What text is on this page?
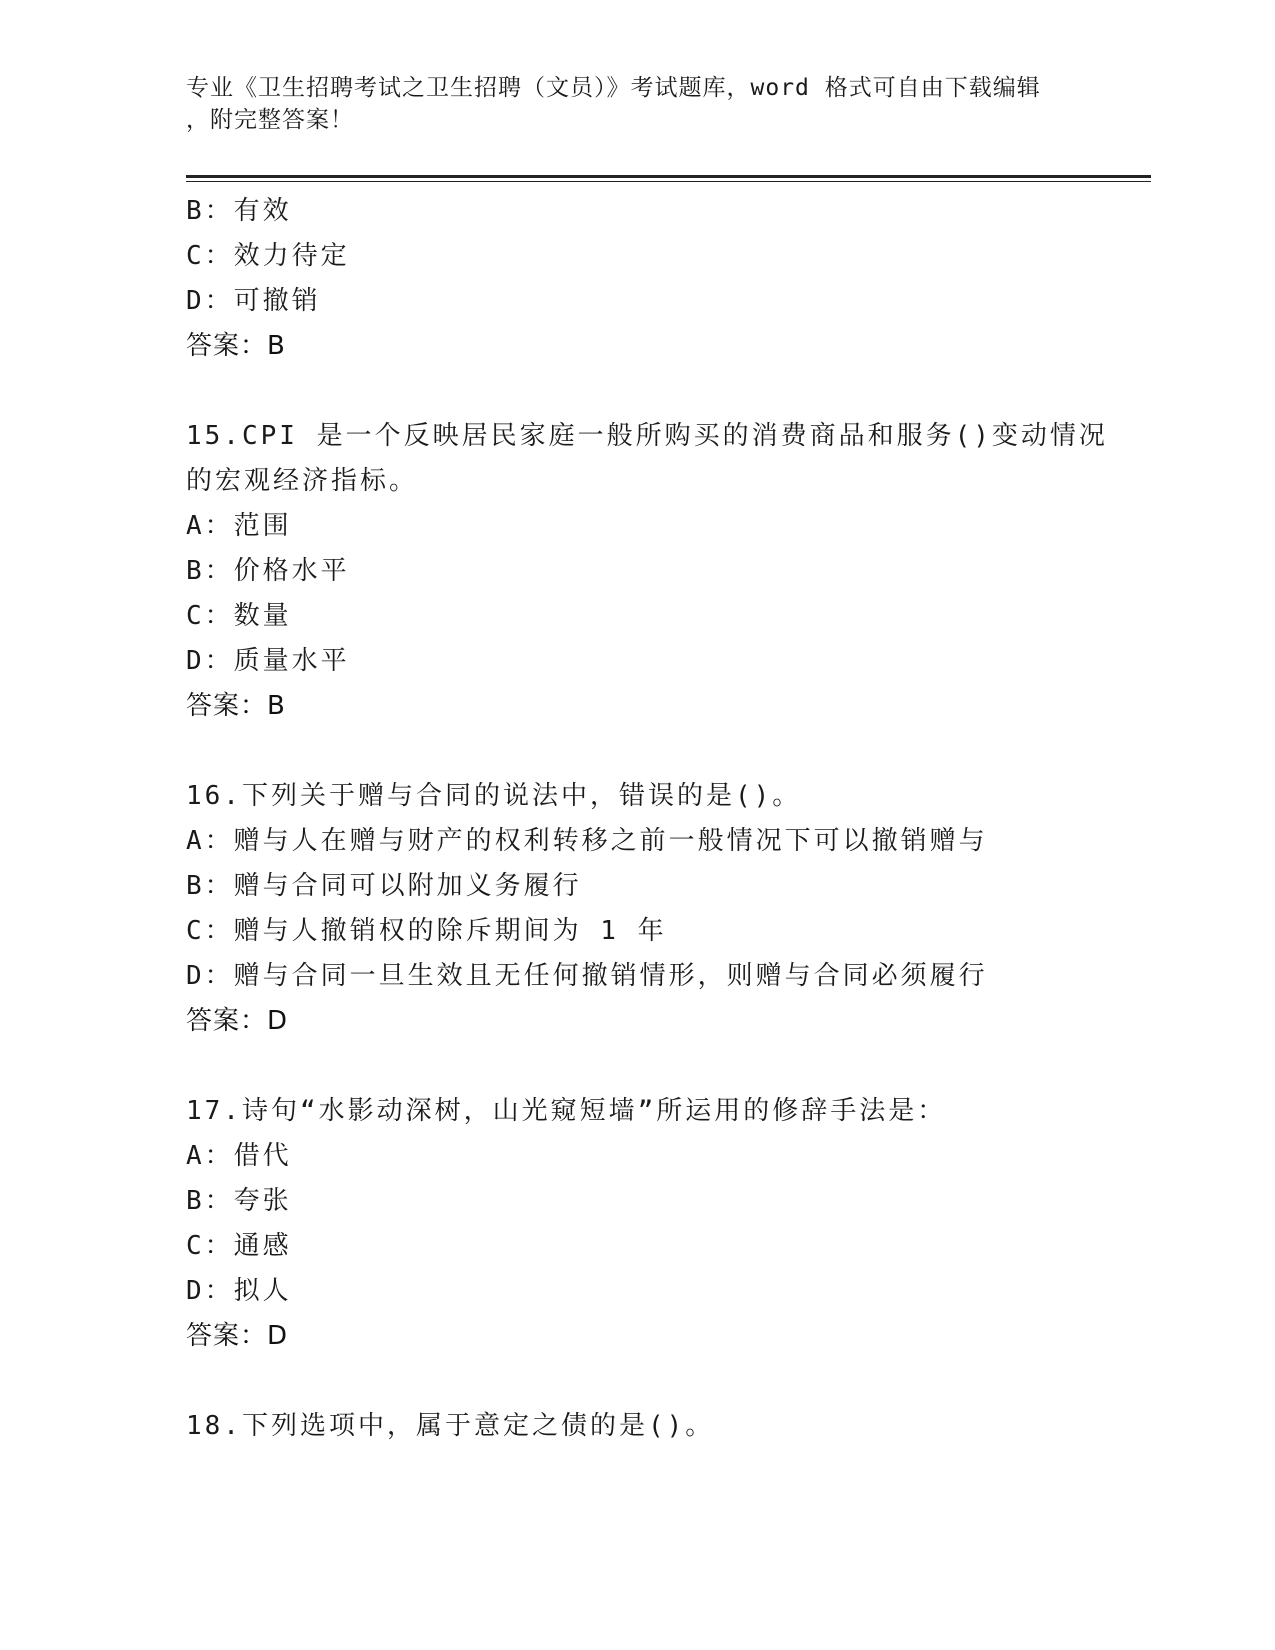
专业《卫生招聘考试之卫生招聘（文员）》考试题库，word 格式可自由下载编辑
，附完整答案！
B：有效
C：效力待定
D：可撤销
答案：B
15.CPI 是一个反映居民家庭一般所购买的消费商品和服务()变动情况
的宏观经济指标。
A：范围
B：价格水平
C：数量
D：质量水平
答案：B
16.下列关于赠与合同的说法中，错误的是()。
A：赠与人在赠与财产的权利转移之前一般情况下可以撤销赠与
B：赠与合同可以附加义务履行
C：赠与人撤销权的除斥期间为 1 年
D：赠与合同一旦生效且无任何撤销情形，则赠与合同必须履行
答案：D
17.诗句“水影动深树，山光窥短墙”所运用的修辞手法是：
A：借代
B：夸张
C：通感
D：拟人
答案：D
18.下列选项中，属于意定之债的是()。
